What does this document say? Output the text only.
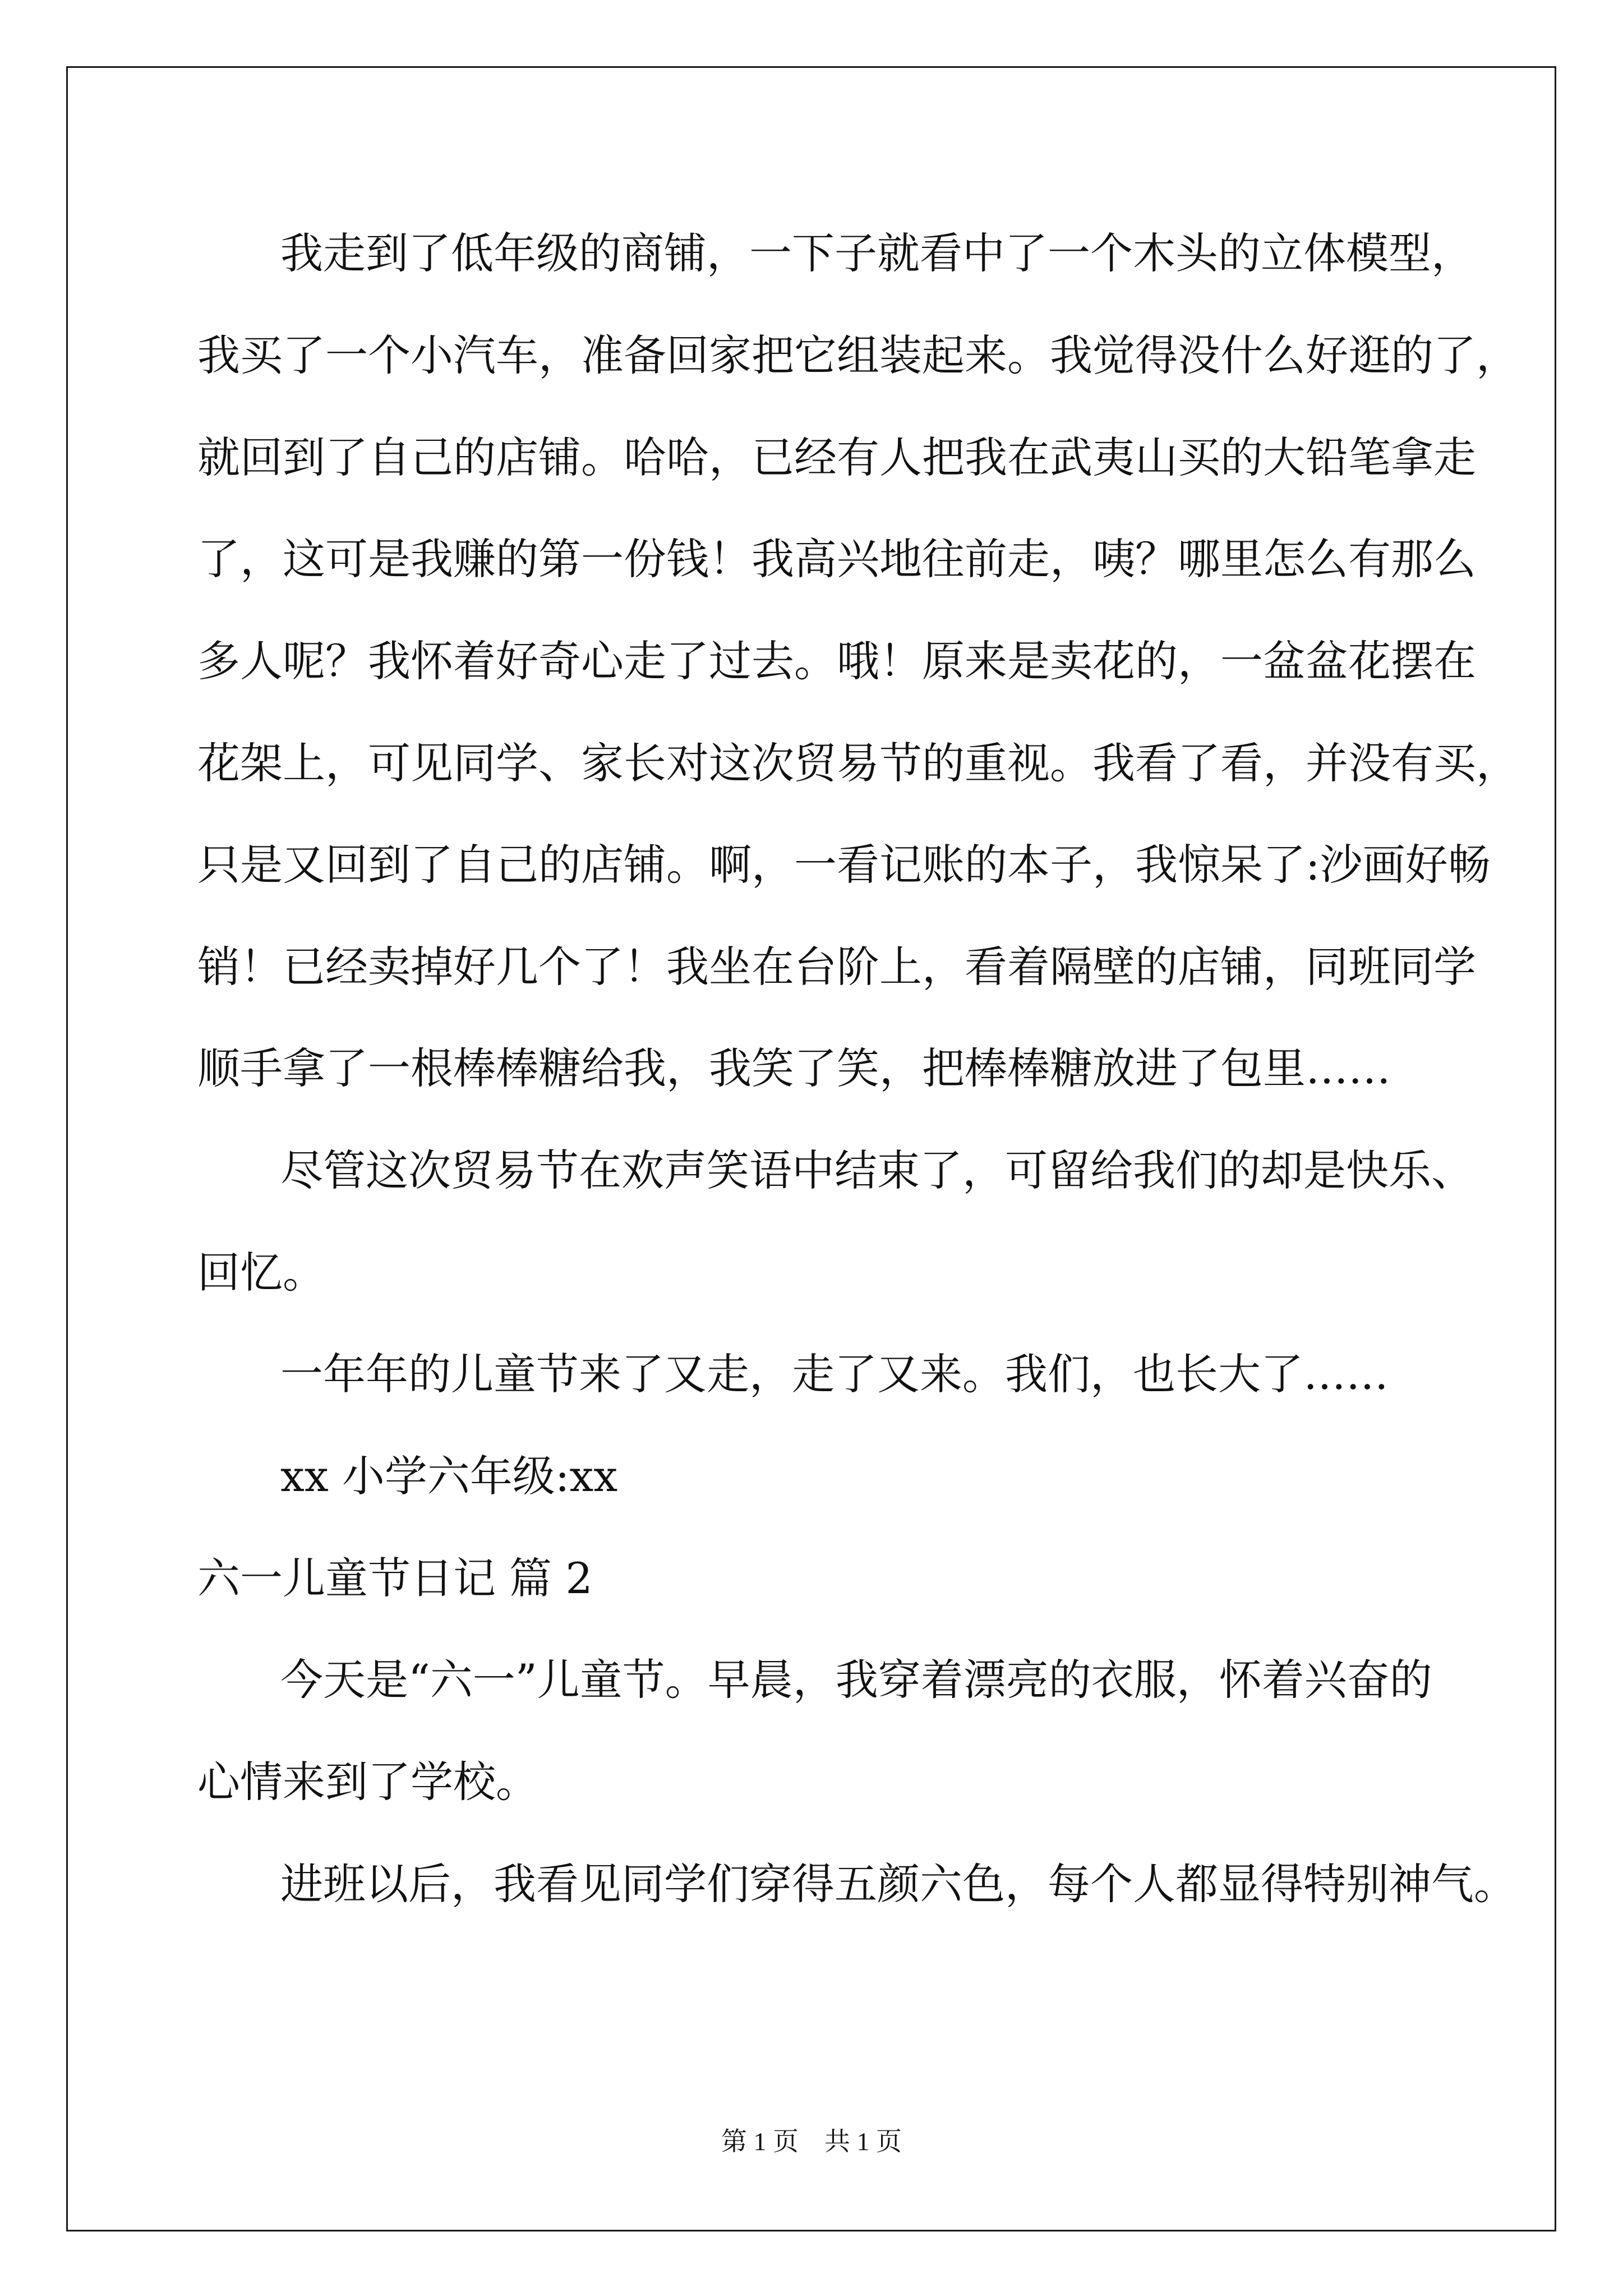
我走到了低年级的商铺，一下子就看中了一个木头的立体模型，

我买了一个小汽车，准备回家把它组装起来。我觉得没什么好逛的了，

就回到了自己的店铺。哈哈，已经有人把我在武夷山买的大铅笔拿走

了，这可是我赚的第一份钱！我高兴地往前走，咦？哪里怎么有那么

多人呢？我怀着好奇心走了过去。哦！原来是卖花的，一盆盆花摆在

花架上，可见同学、家长对这次贸易节的重视。我看了看，并没有买，

只是又回到了自己的店铺。啊，一看记账的本子，我惊呆了:沙画好畅

销！已经卖掉好几个了！我坐在台阶上，看着隔壁的店铺，同班同学

顺手拿了一根棒棒糖给我，我笑了笑，把棒棒糖放进了包里……

尽管这次贸易节在欢声笑语中结束了，可留给我们的却是快乐、

回忆。

一年年的儿童节来了又走，走了又来。我们，也长大了……

xx 小学六年级:xx

六一儿童节日记 篇 2

今天是“六一”儿童节。早晨，我穿着漂亮的衣服，怀着兴奋的

心情来到了学校。

进班以后，我看见同学们穿得五颜六色，每个人都显得特别神气。

第 1 页 共 1 页
